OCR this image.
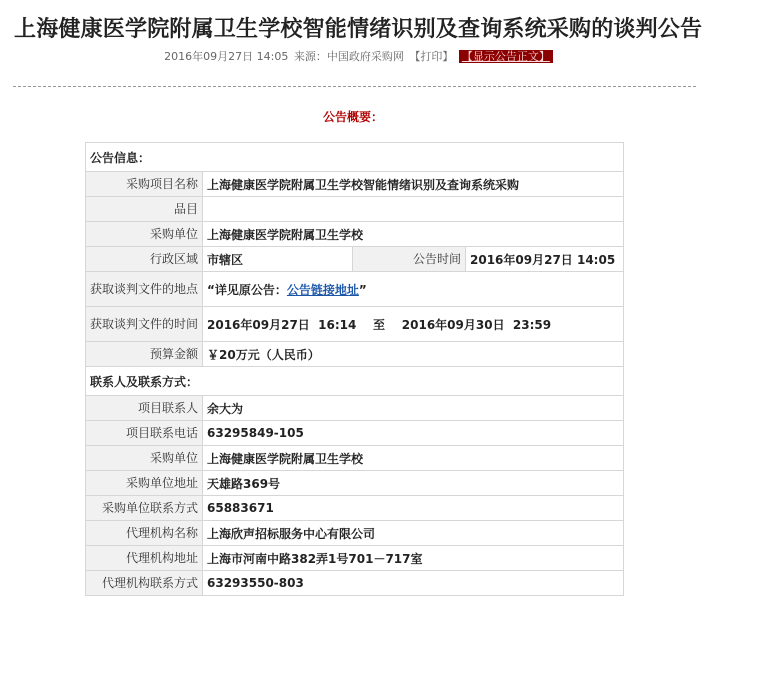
上海健康医学院附属卫生学校智能情绪识别及查询系统采购的谈判公告
2016年09月27日 14:05 来源：中国政府采购网 【打印】 【显示公告正文】
公告概要：
公告信息：			
采购项目名称	上海健康医学院附属卫生学校智能情绪识别及查询系统采购		
品目			
采购单位	上海健康医学院附属卫生学校		
行政区域	市辖区	公告时间	2016年09月27日 14:05
获取谈判文件的地点	“详见原公告：公告链接地址”		
获取谈判文件的时间	2016年09月27日  16:14    至    2016年09月30日  23:59		
预算金额	￥20万元（人民币）		
联系人及联系方式：			
项目联系人	余大为		
项目联系电话	63295849-105		
采购单位	上海健康医学院附属卫生学校		
采购单位地址	天雄路369号		
采购单位联系方式	65883671		
代理机构名称	上海欣声招标服务中心有限公司		
代理机构地址	上海市河南中路382弄1号701－717室		
代理机构联系方式	63293550-803		
